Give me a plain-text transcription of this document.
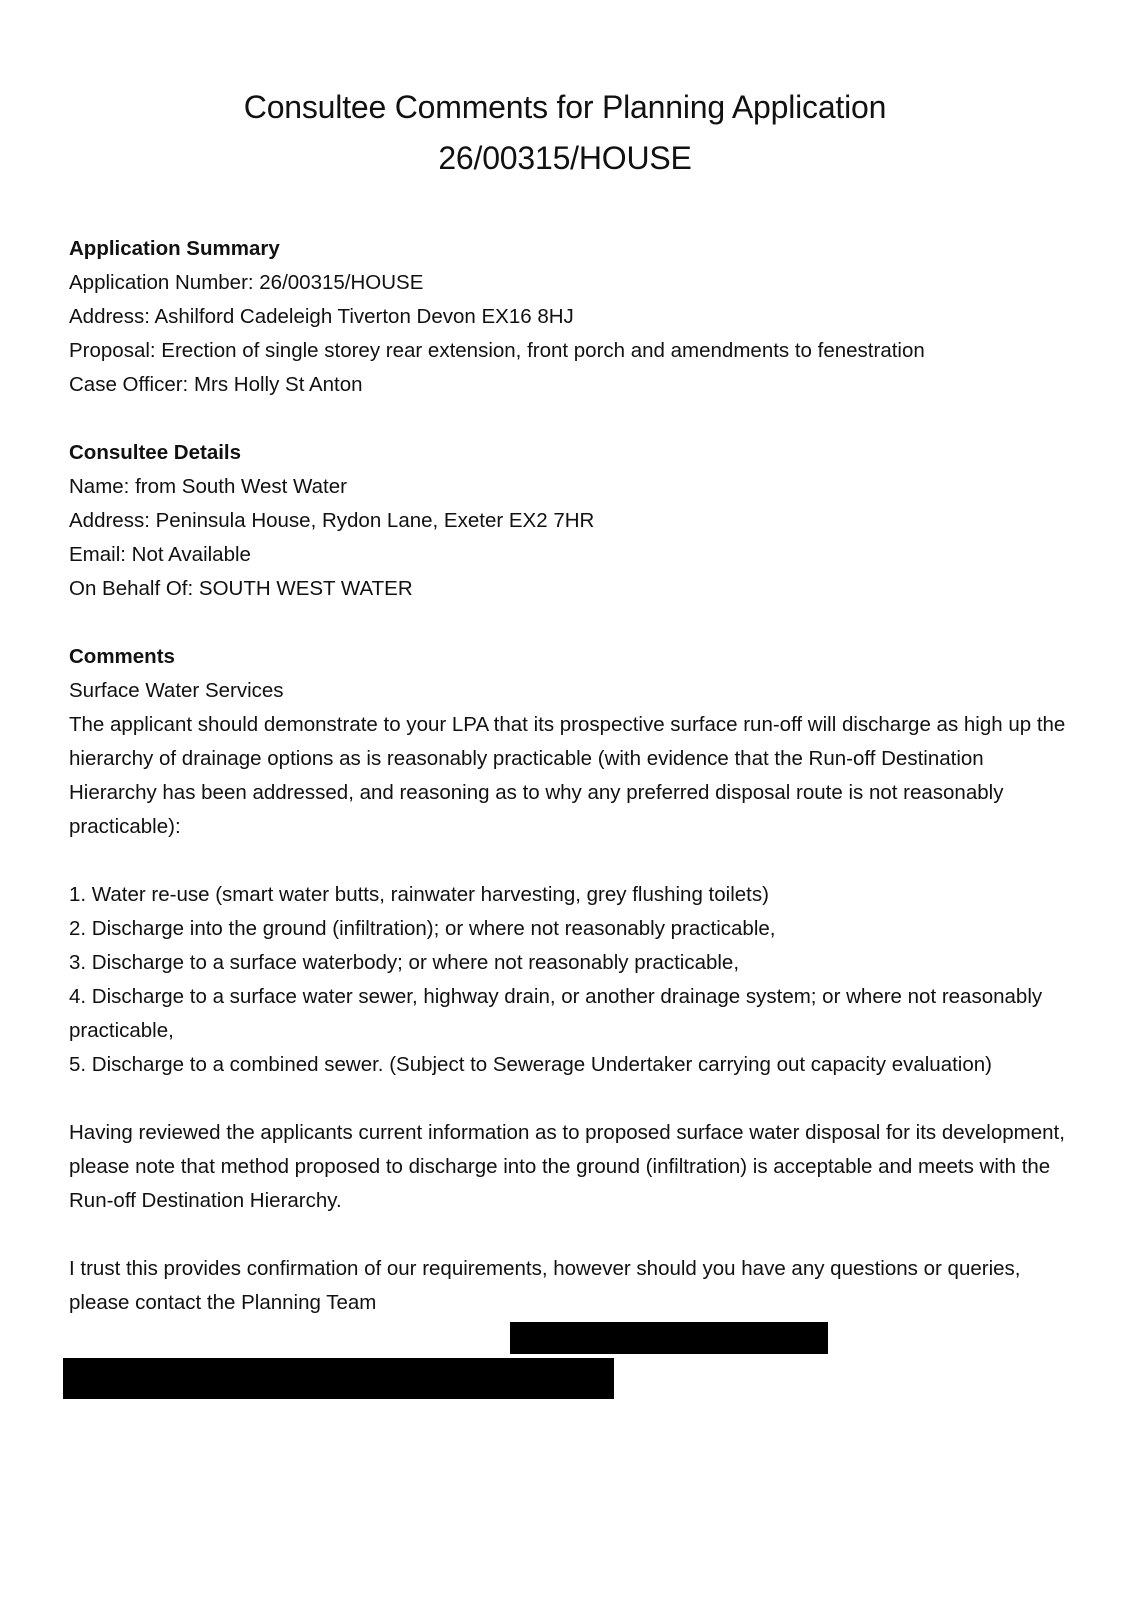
Consultee Comments for Planning Application
26/00315/HOUSE

Application Summary

Application Number: 26/00315/HOUSE

Address: Ashilford Cadeleigh Tiverton Devon EX16 8HJ

Proposal: Erection of single storey rear extension, front porch and amendments to fenestration

Case Officer: Mrs Holly St Anton

Consultee Details

Name: from South West Water

Address: Peninsula House, Rydon Lane, Exeter EX2 7HR

Email: Not Available

On Behalf Of: SOUTH WEST WATER

Comments

Surface Water Services

The applicant should demonstrate to your LPA that its prospective surface run-off will discharge as high up the hierarchy of drainage options as is reasonably practicable (with evidence that the Run-off Destination Hierarchy has been addressed, and reasoning as to why any preferred disposal route is not reasonably practicable):

1. Water re-use (smart water butts, rainwater harvesting, grey flushing toilets)

2. Discharge into the ground (infiltration); or where not reasonably practicable,

3. Discharge to a surface waterbody; or where not reasonably practicable,

4. Discharge to a surface water sewer, highway drain, or another drainage system; or where not reasonably practicable,

5. Discharge to a combined sewer. (Subject to Sewerage Undertaker carrying out capacity evaluation)

Having reviewed the applicants current information as to proposed surface water disposal for its development, please note that method proposed to discharge into the ground (infiltration) is acceptable and meets with the Run-off Destination Hierarchy.

I trust this provides confirmation of our requirements, however should you have any questions or queries, please contact the Planning Team
